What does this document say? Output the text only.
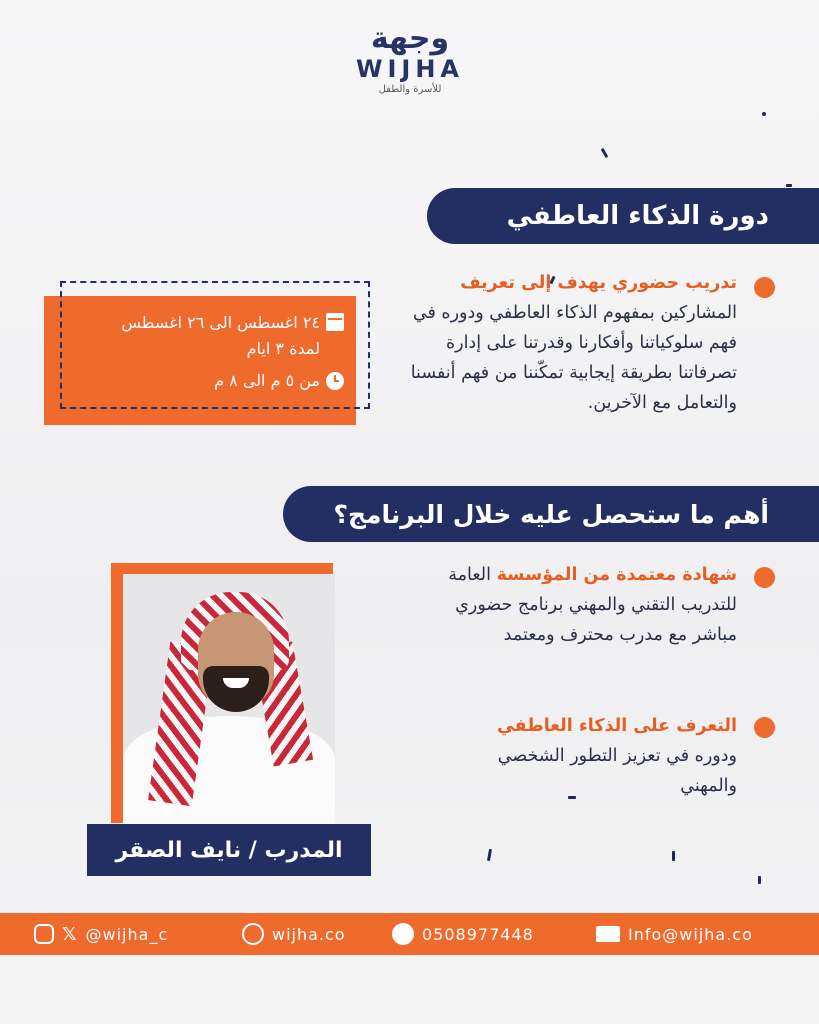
وجهة
WIJHA
للأسرة والطفل
دورة الذكاء العاطفي
تدريب حضوري يهدف إلى تعريف المشاركين بمفهوم الذكاء العاطفي ودوره في فهم سلوكياتنا وأفكارنا وقدرتنا على إدارة تصرفاتنا بطريقة إيجابية تمكّننا من فهم أنفسنا والتعامل مع الآخرين.
٢٤ اغسطس الى ٢٦ اغسطس
لمدة ٣ ايام
من ٥ م الى ٨ م
أهم ما ستحصل عليه خلال البرنامج؟
شهادة معتمدة من المؤسسة العامة للتدريب التقني والمهني برنامج حضوري مباشر مع مدرب محترف ومعتمد
التعرف على الذكاء العاطفي
ودوره في تعزيز التطور الشخصي والمهني
المدرب / نايف الصقر
𝕏 @wijha_c	wijha.co	0508977448	Info@wijha.co
